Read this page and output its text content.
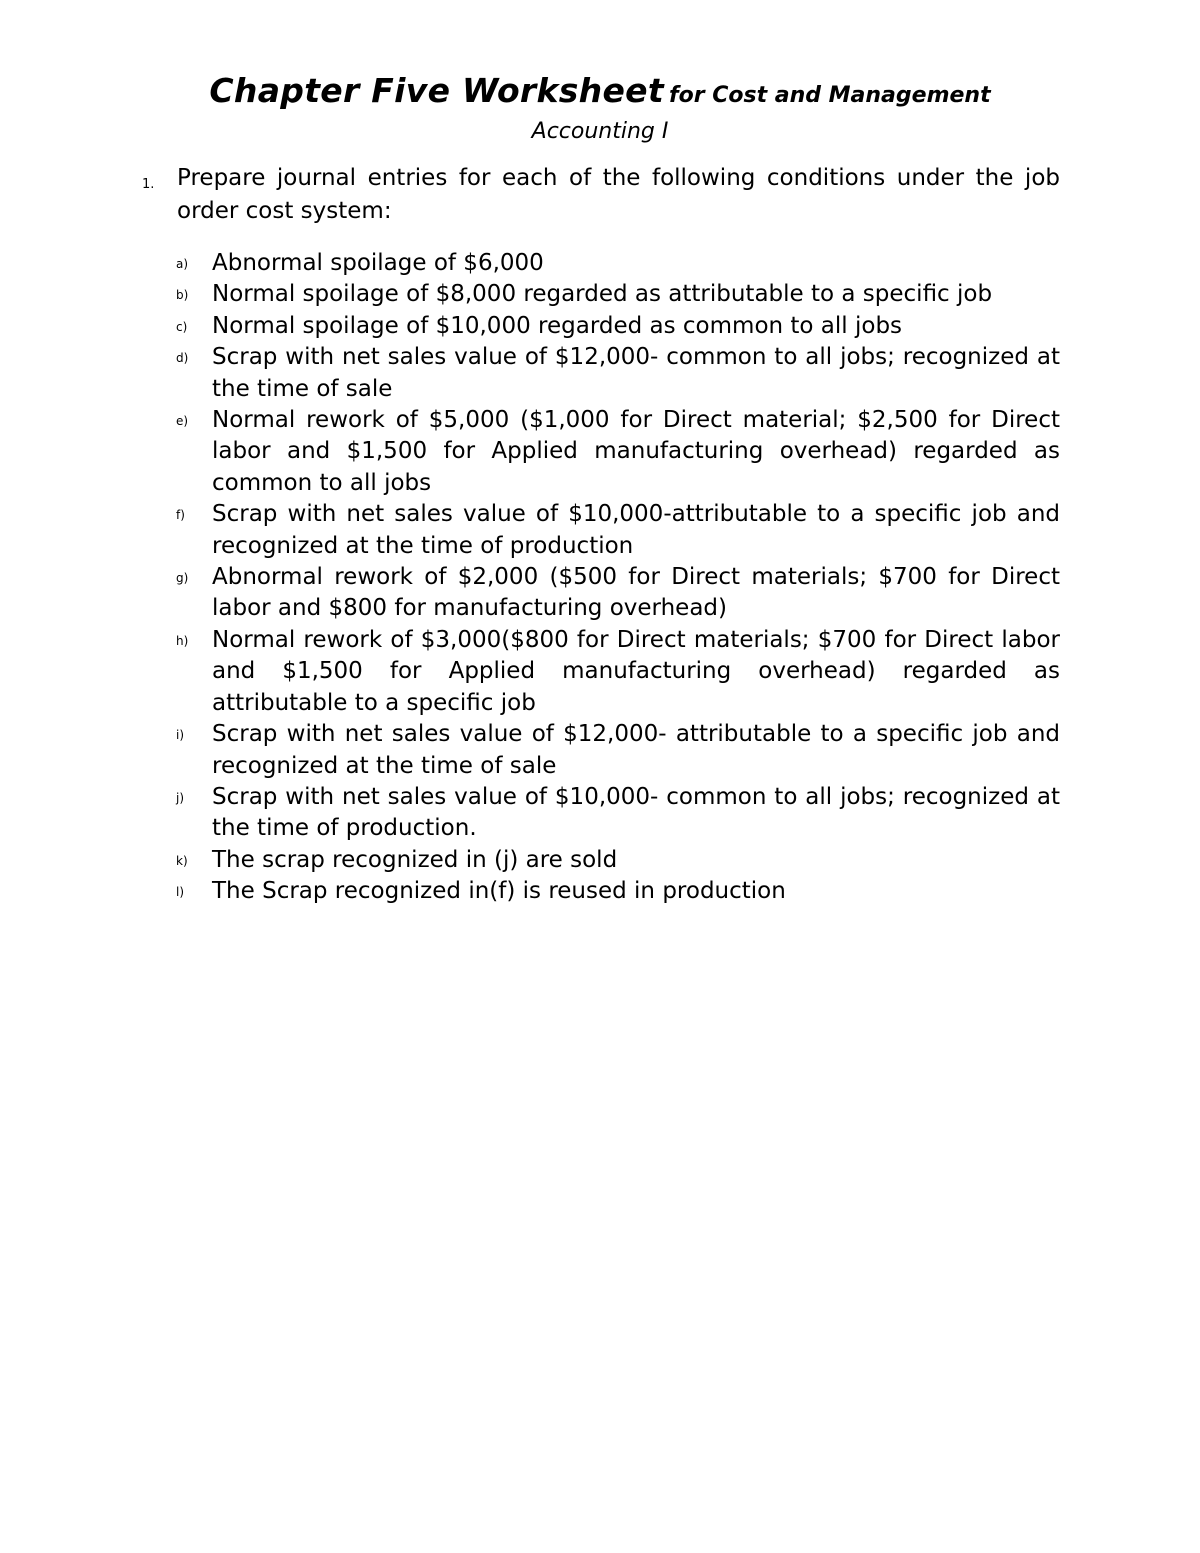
Chapter Five Worksheet for Cost and Management
Accounting I
1. Prepare journal entries for each of the following conditions under the job order cost system:
a) Abnormal spoilage of $6,000
b) Normal spoilage of $8,000 regarded as attributable to a specific job
c) Normal spoilage of $10,000 regarded as common to all jobs
d) Scrap with net sales value of $12,000- common to all jobs; recognized at the time of sale
e) Normal rework of $5,000 ($1,000 for Direct material; $2,500 for Direct labor and $1,500 for Applied manufacturing overhead) regarded as common to all jobs
f) Scrap with net sales value of $10,000-attributable to a specific job and recognized at the time of production
g) Abnormal rework of $2,000 ($500 for Direct materials; $700 for Direct labor and $800 for manufacturing overhead)
h) Normal rework of $3,000($800 for Direct materials; $700 for Direct labor and $1,500 for Applied manufacturing overhead) regarded as attributable to a specific job
i) Scrap with net sales value of $12,000- attributable to a specific job and recognized at the time of sale
j) Scrap with net sales value of $10,000- common to all jobs; recognized at the time of production.
k) The scrap recognized in (j) are sold
l) The Scrap recognized in(f) is reused in production
